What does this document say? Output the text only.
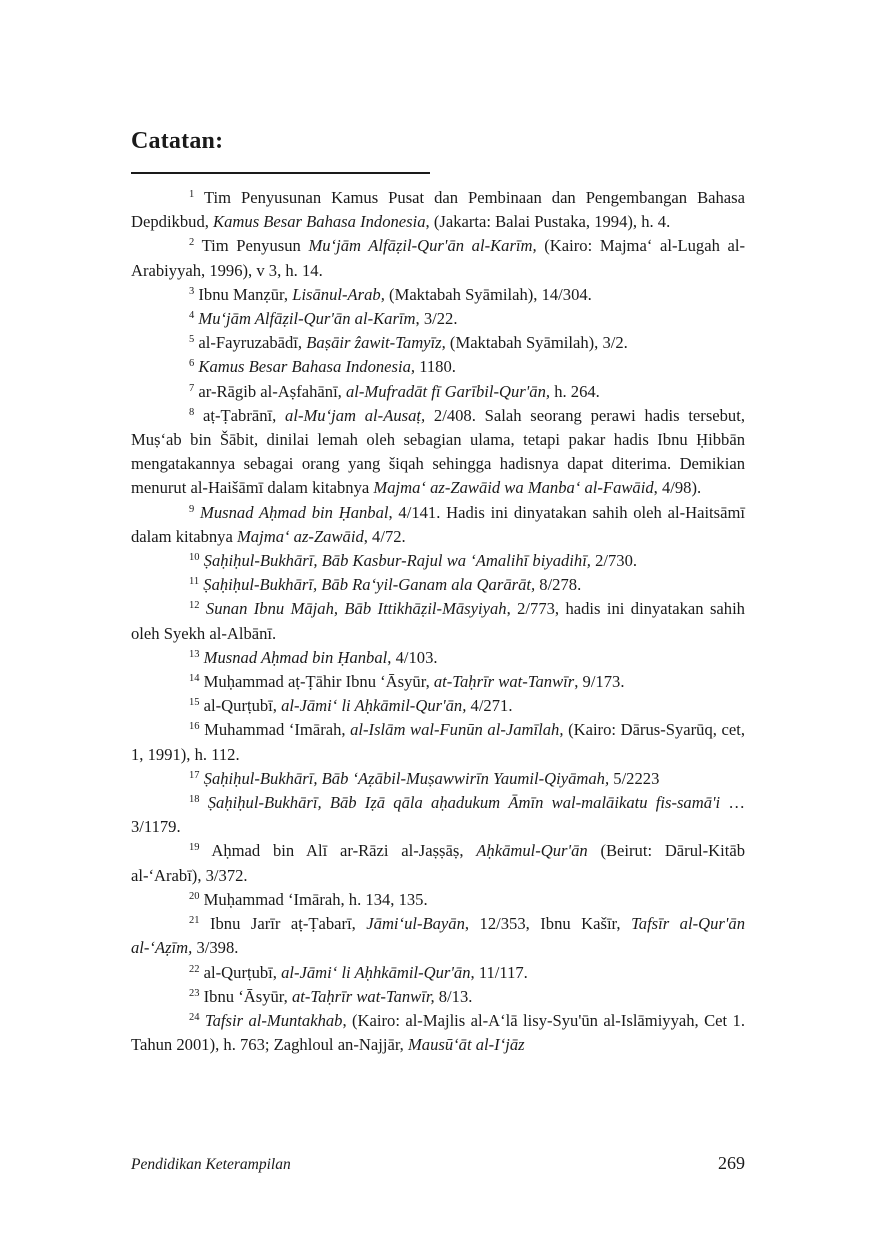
Catatan:

$^1$ Tim Penyusunan Kamus Pusat dan Pembinaan dan Pengembangan Bahasa Depdikbud, Kamus Besar Bahasa Indonesia, (Jakarta: Balai Pustaka, 1994), h. 4.

$^2$ Tim Penyusun Mu‘jām Alfāẓil-Qur'ān al-Karīm, (Kairo: Majma‘ al-Lugah al-Arabiyyah, 1996), v 3, h. 14.

$^3$ Ibnu Manẓūr, Lisānul-Arab, (Maktabah Syāmilah), 14/304.

$^4$ Mu‘jām Alfāẓil-Qur'ān al-Karīm, 3/22.

$^5$ al-Fayruzabādī, Baṣāir ẑawit-Tamyīz, (Maktabah Syāmilah), 3/2.

$^6$ Kamus Besar Bahasa Indonesia, 1180.

$^7$ ar-Rāgib al-Aṣfahānī, al-Mufradāt fī Garībil-Qur'ān, h. 264.

$^8$ aṭ-Ṭabrānī, al-Mu‘jam al-Ausaṭ, 2/408. Salah seorang perawi hadis tersebut, Muṣ‘ab bin Šābit, dinilai lemah oleh sebagian ulama, tetapi pakar hadis Ibnu Ḥibbān mengatakannya sebagai orang yang šiqah sehingga hadisnya dapat diterima. Demikian menurut al-Haišāmī dalam kitabnya Majma‘ az-Zawāid wa Manba‘ al-Fawāid, 4/98).

$^9$ Musnad Aḥmad bin Ḥanbal, 4/141. Hadis ini dinyatakan sahih oleh al-Haitsāmī dalam kitabnya Majma‘ az-Zawāid, 4/72.

$^{10}$ Ṣaḥiḥul-Bukhārī, Bāb Kasbur-Rajul wa ‘Amalihī biyadihī, 2/730.

$^{11}$ Ṣaḥiḥul-Bukhārī, Bāb Ra‘yil-Ganam ala Qarārāt, 8/278.

$^{12}$ Sunan Ibnu Mājah, Bāb Ittikhāẓil-Māsyiyah, 2/773, hadis ini dinyatakan sahih oleh Syekh al-Albānī.

$^{13}$ Musnad Aḥmad bin Ḥanbal, 4/103.

$^{14}$ Muḥammad aṭ-Ṭāhir Ibnu ‘Āsyūr, at-Taḥrīr wat-Tanwīr, 9/173.

$^{15}$ al-Qurṭubī, al-Jāmi‘ li Aḥkāmil-Qur'ān, 4/271.

$^{16}$ Muhammad ‘Imārah, al-Islām wal-Funūn al-Jamīlah, (Kairo: Dārus-Syarūq, cet, 1, 1991), h. 112.

$^{17}$ Ṣaḥiḥul-Bukhārī, Bāb ‘Aẓābil-Muṣawwirīn Yaumil-Qiyāmah, 5/2223

$^{18}$ Ṣaḥiḥul-Bukhārī, Bāb Iẓā qāla aḥadukum Āmīn wal-malāikatu fis-samā'i … 3/1179.

$^{19}$ Aḥmad bin Alī ar-Rāzi al-Jaṣṣāṣ, Aḥkāmul-Qur'ān (Beirut: Dārul-Kitāb al-‘Arabī), 3/372.

$^{20}$ Muḥammad ‘Imārah, h. 134, 135.

$^{21}$ Ibnu Jarīr aṭ-Ṭabarī, Jāmi‘ul-Bayān, 12/353, Ibnu Kašīr, Tafsīr al-Qur'ān al-‘Aẓīm, 3/398.

$^{22}$ al-Qurṭubī, al-Jāmi‘ li Aḥhkāmil-Qur'ān, 11/117.

$^{23}$ Ibnu ‘Āsyūr, at-Taḥrīr wat-Tanwīr, 8/13.

$^{24}$ Tafsir al-Muntakhab, (Kairo: al-Majlis al-A‘lā lisy-Syu'ūn al-Islāmiyyah, Cet 1. Tahun 2001), h. 763; Zaghloul an-Najjār, Mausū‘āt al-I‘jāz

Pendidikan Keterampilan	269
